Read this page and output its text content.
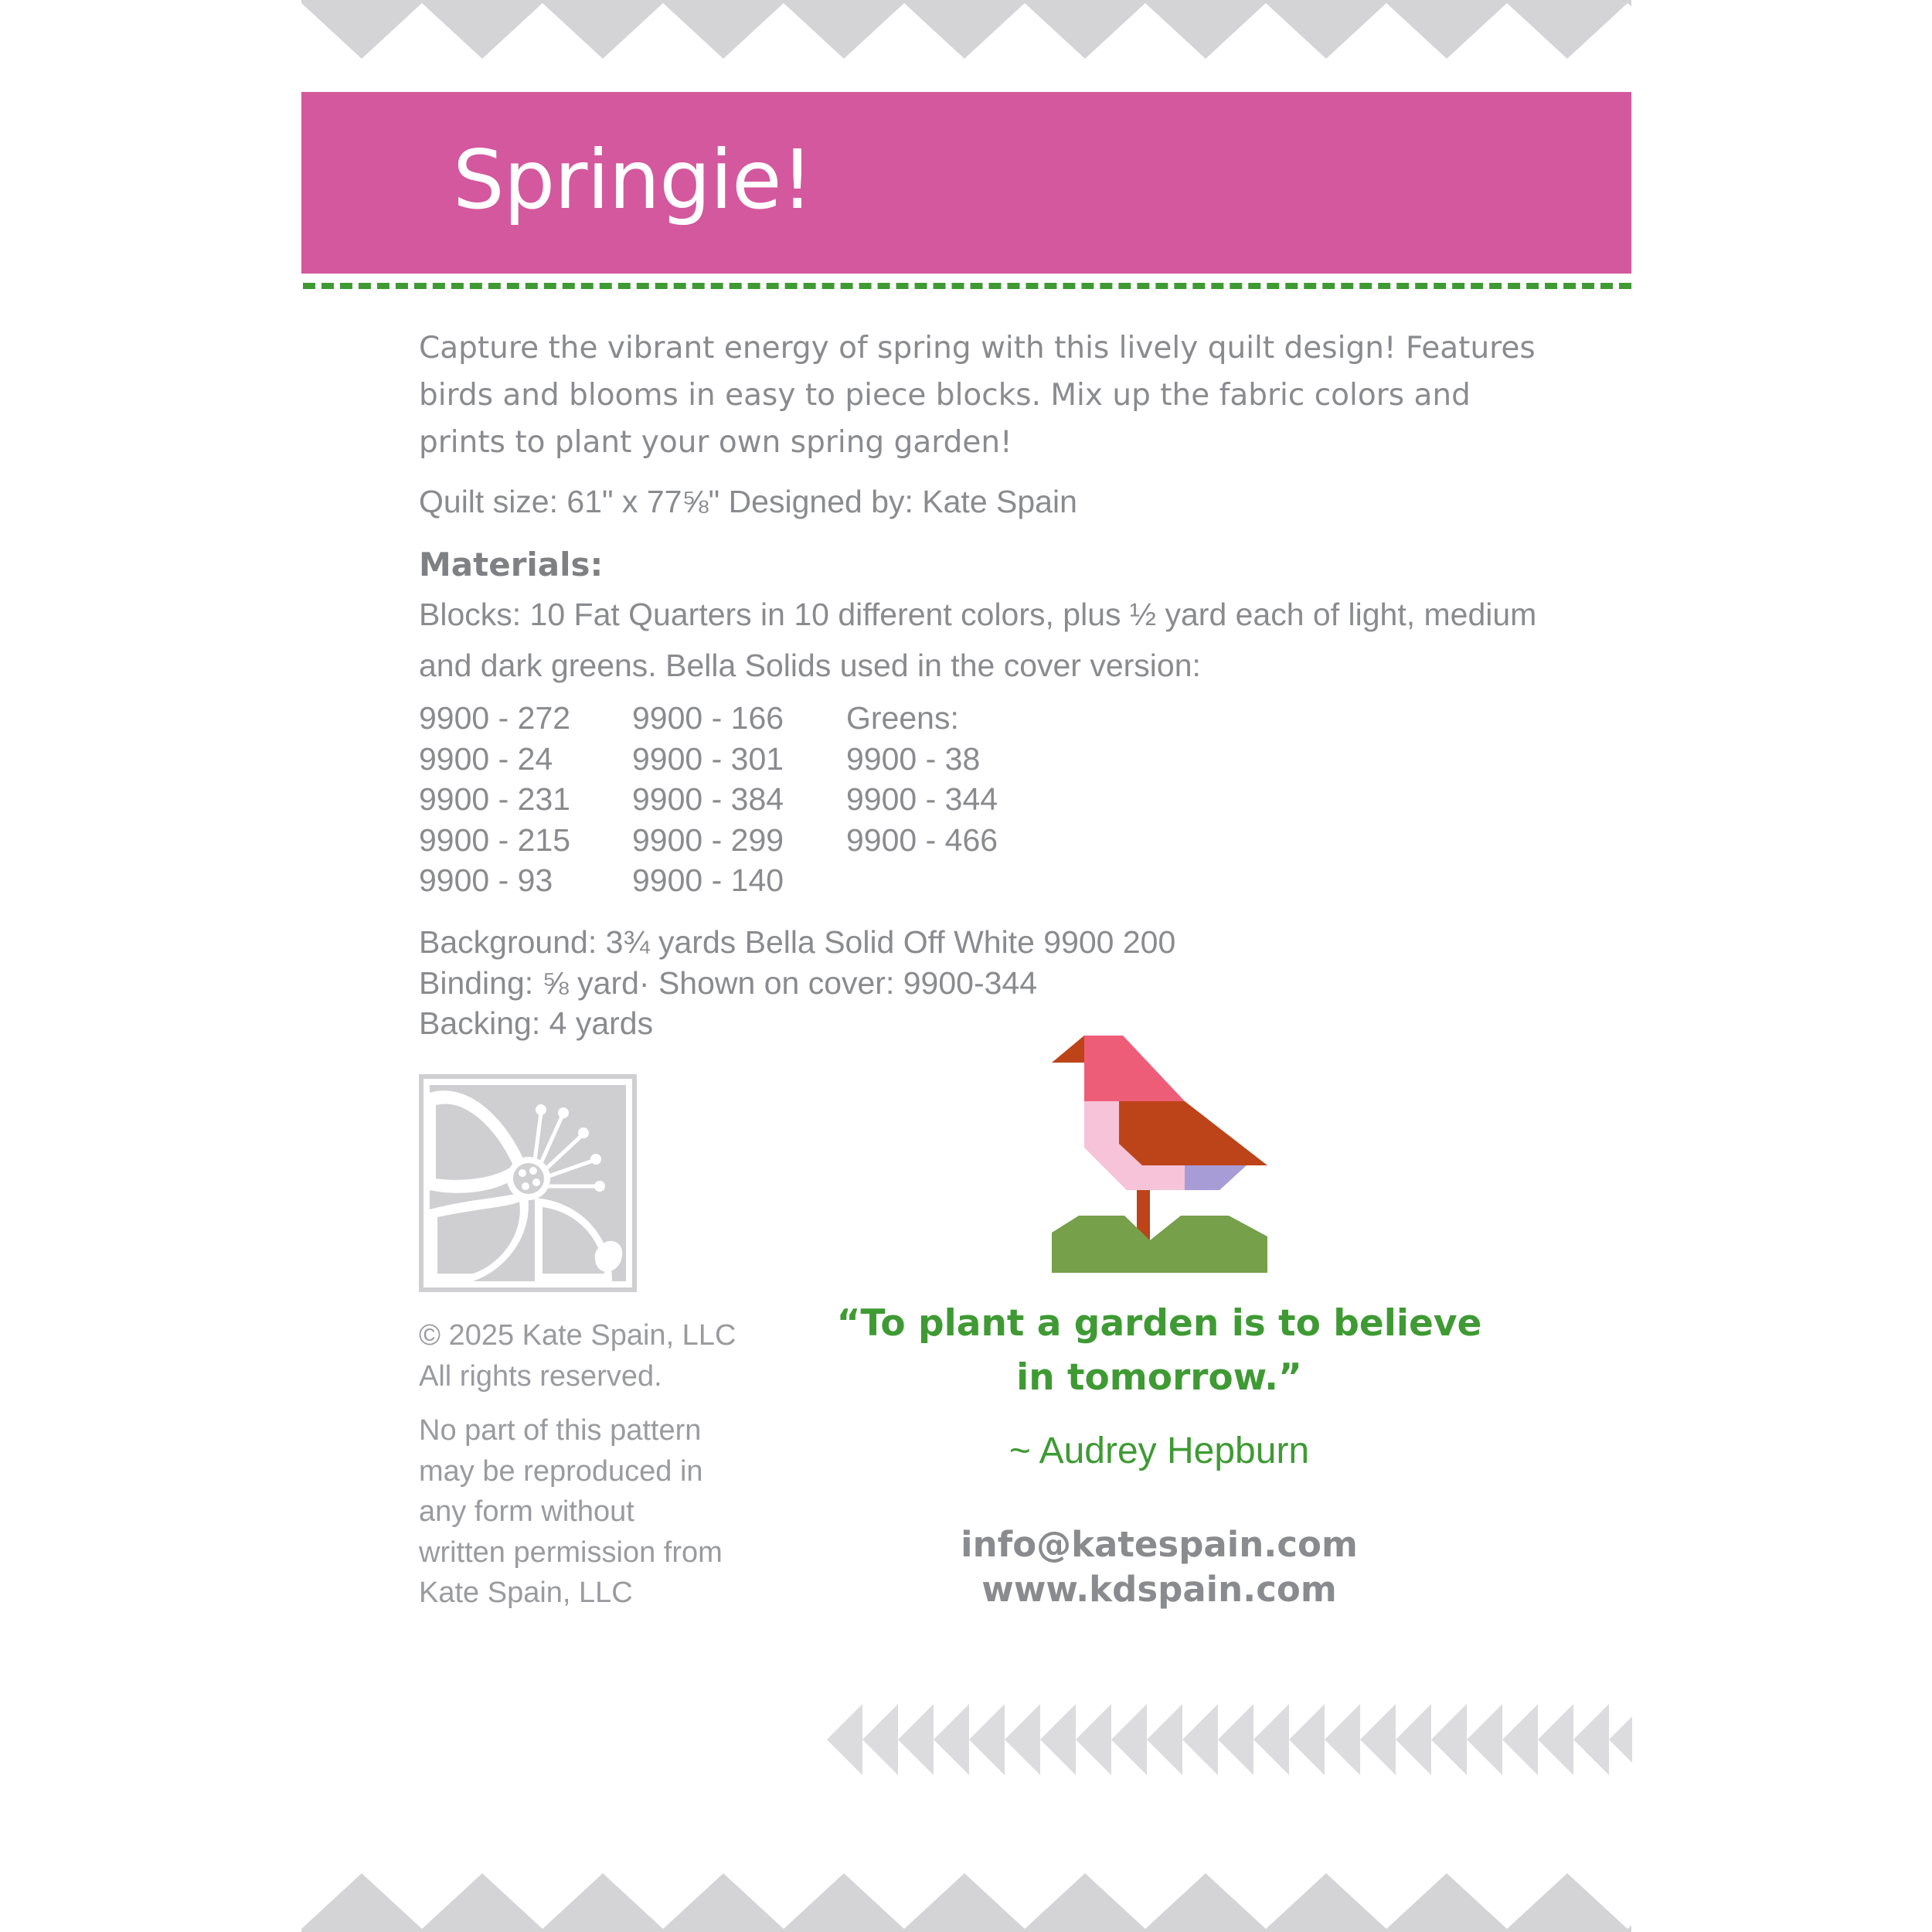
Springie!

Capture the vibrant energy of spring with this lively quilt design! Features birds and blooms in easy to piece blocks. Mix up the fabric colors and prints to plant your own spring garden!

Quilt size: 61" x 77⅝" Designed by: Kate Spain
Materials:

Blocks: 10 Fat Quarters in 10 different colors, plus ½ yard each of light, medium and dark greens. Bella Solids used in the cover version:

9900 - 272
9900 - 24
9900 - 231
9900 - 215
9900 - 93
9900 - 166
9900 - 301
9900 - 384
9900 - 299
9900 - 140
Greens:
9900 - 38
9900 - 344
9900 - 466
Background: 3¾ yards Bella Solid Off White 9900 200
Binding: ⅝ yard· Shown on cover: 9900-344
Backing: 4 yards
© 2025 Kate Spain, LLC
All rights reserved.
No part of this pattern
may be reproduced in
any form without
written permission from
Kate Spain, LLC

“To plant a garden is to believe
in tomorrow.”

~ Audrey Hepburn
info@katespain.com
www.kdspain.com
